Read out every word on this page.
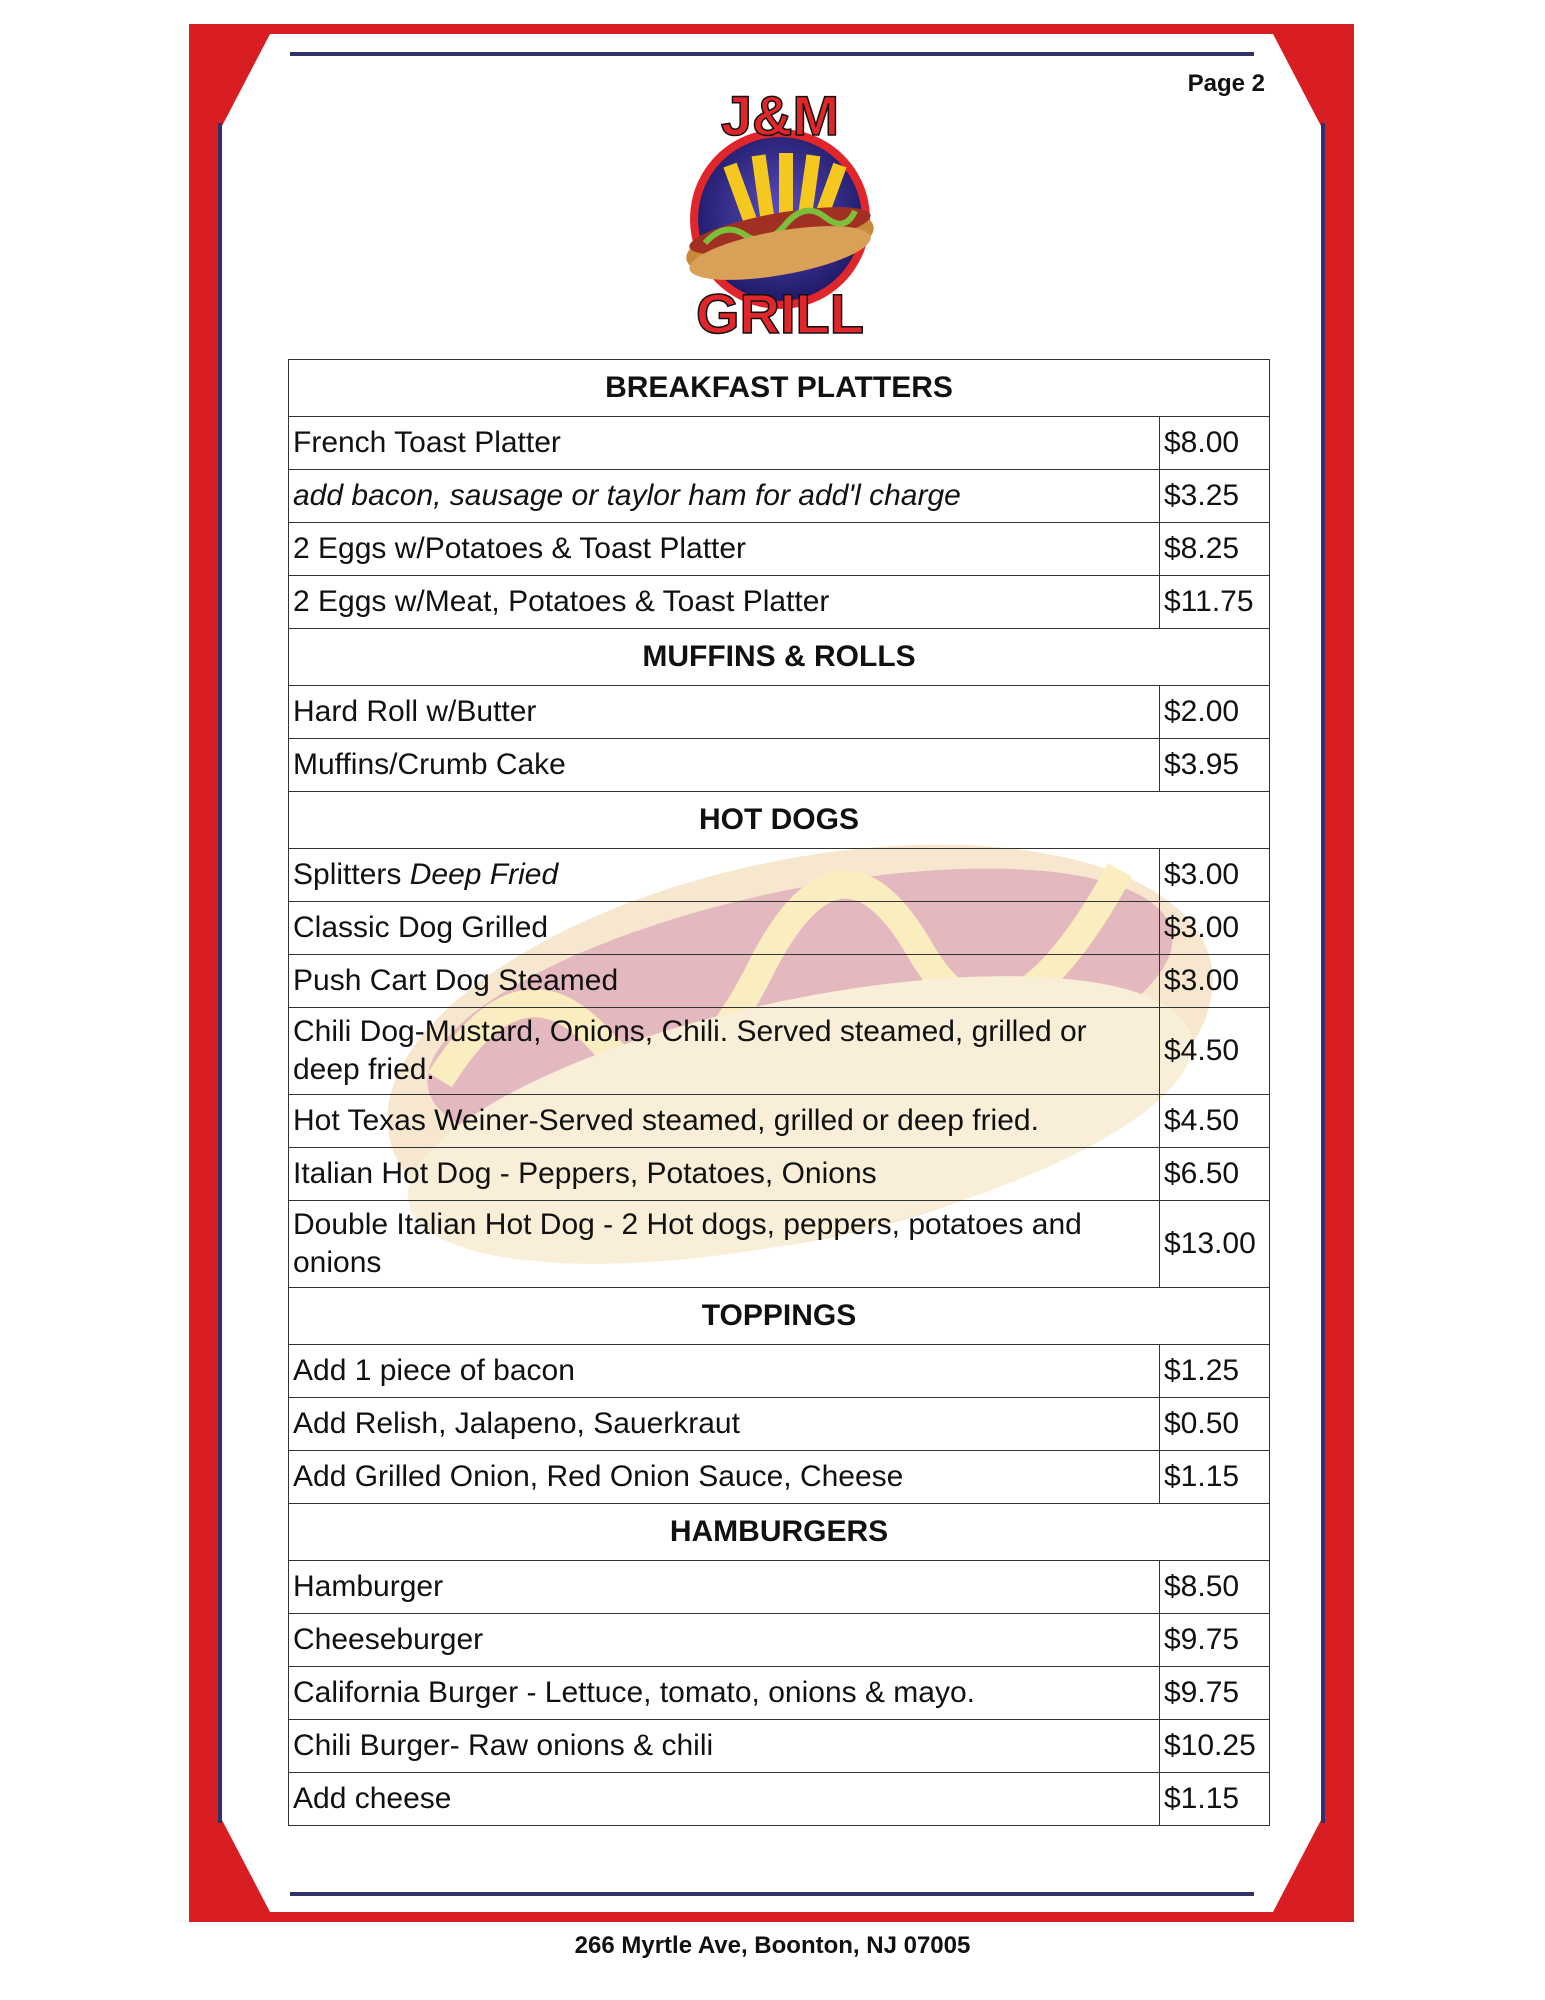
Page 2
J&M
GRILL
BREAKFAST PLATTERS	
French Toast Platter	$8.00
add bacon, sausage or taylor ham for add'l charge	$3.25
2 Eggs w/Potatoes & Toast Platter	$8.25
2 Eggs w/Meat, Potatoes & Toast Platter	$11.75
MUFFINS & ROLLS	
Hard Roll w/Butter	$2.00
Muffins/Crumb Cake	$3.95
HOT DOGS	
Splitters Deep Fried	$3.00
Classic Dog Grilled	$3.00
Push Cart Dog Steamed	$3.00
Chili Dog-Mustard, Onions, Chili. Served steamed, grilled or deep fried.	$4.50
Hot Texas Weiner-Served steamed, grilled or deep fried.	$4.50
Italian Hot Dog - Peppers, Potatoes, Onions	$6.50
Double Italian Hot Dog - 2 Hot dogs, peppers, potatoes and onions	$13.00
TOPPINGS	
Add 1 piece of bacon	$1.25
Add Relish, Jalapeno, Sauerkraut	$0.50
Add Grilled Onion, Red Onion Sauce, Cheese	$1.15
HAMBURGERS	
Hamburger	$8.50
Cheeseburger	$9.75
California Burger - Lettuce, tomato, onions & mayo.	$9.75
Chili Burger- Raw onions & chili	$10.25
Add cheese	$1.15
266 Myrtle Ave, Boonton, NJ 07005
